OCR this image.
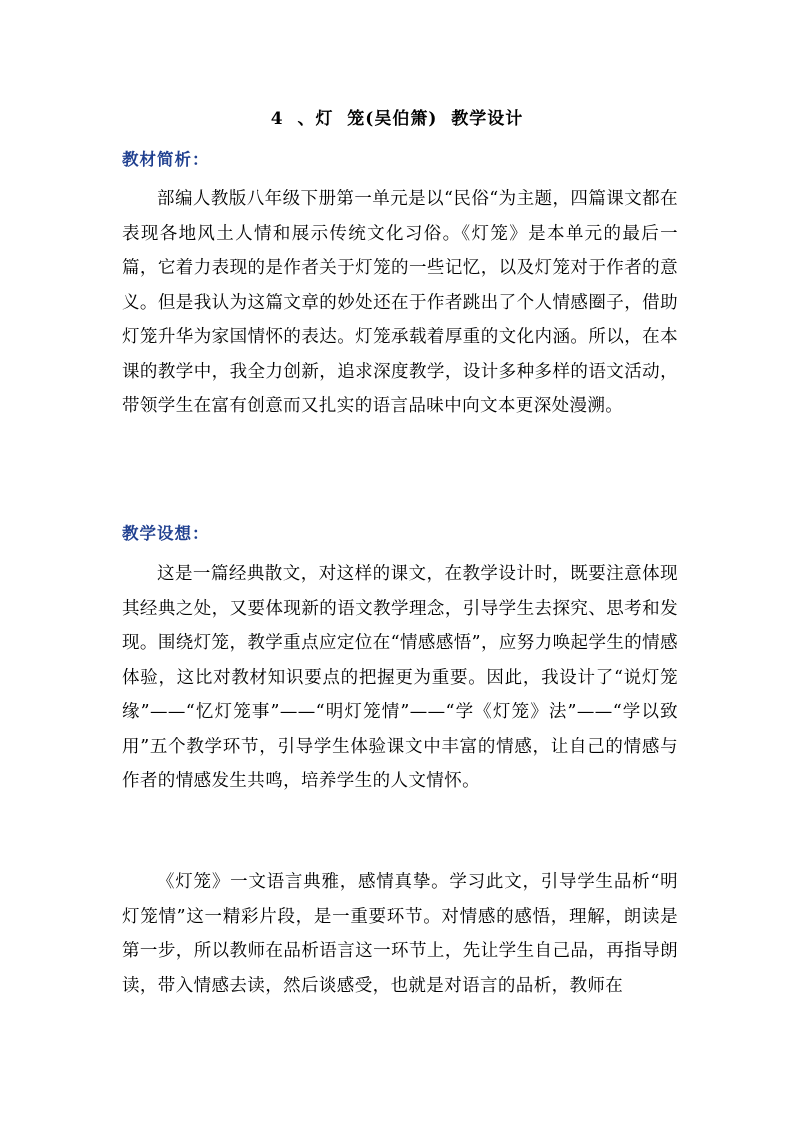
4  、灯  笼(吴伯箫)  教学设计
教材简析：

部编人教版八年级下册第一单元是以“民俗“为主题，四篇课文都在表现各地风土人情和展示传统文化习俗。《灯笼》是本单元的最后一篇，它着力表现的是作者关于灯笼的一些记忆，以及灯笼对于作者的意义。但是我认为这篇文章的妙处还在于作者跳出了个人情感圈子，借助灯笼升华为家国情怀的表达。灯笼承载着厚重的文化内涵。所以，在本课的教学中，我全力创新，追求深度教学，设计多种多样的语文活动，带领学生在富有创意而又扎实的语言品味中向文本更深处漫溯。

教学设想：

这是一篇经典散文，对这样的课文，在教学设计时，既要注意体现其经典之处，又要体现新的语文教学理念，引导学生去探究、思考和发现。围绕灯笼，教学重点应定位在“情感感悟”，应努力唤起学生的情感体验，这比对教材知识要点的把握更为重要。因此，我设计了“说灯笼缘”——“忆灯笼事”——“明灯笼情”——“学《灯笼》法”——“学以致用”五个教学环节，引导学生体验课文中丰富的情感，让自己的情感与作者的情感发生共鸣，培养学生的人文情怀。

《灯笼》一文语言典雅，感情真挚。学习此文，引导学生品析“明灯笼情”这一精彩片段，是一重要环节。对情感的感悟，理解，朗读是第一步，所以教师在品析语言这一环节上，先让学生自己品，再指导朗读，带入情感去读，然后谈感受，也就是对语言的品析，教师在
